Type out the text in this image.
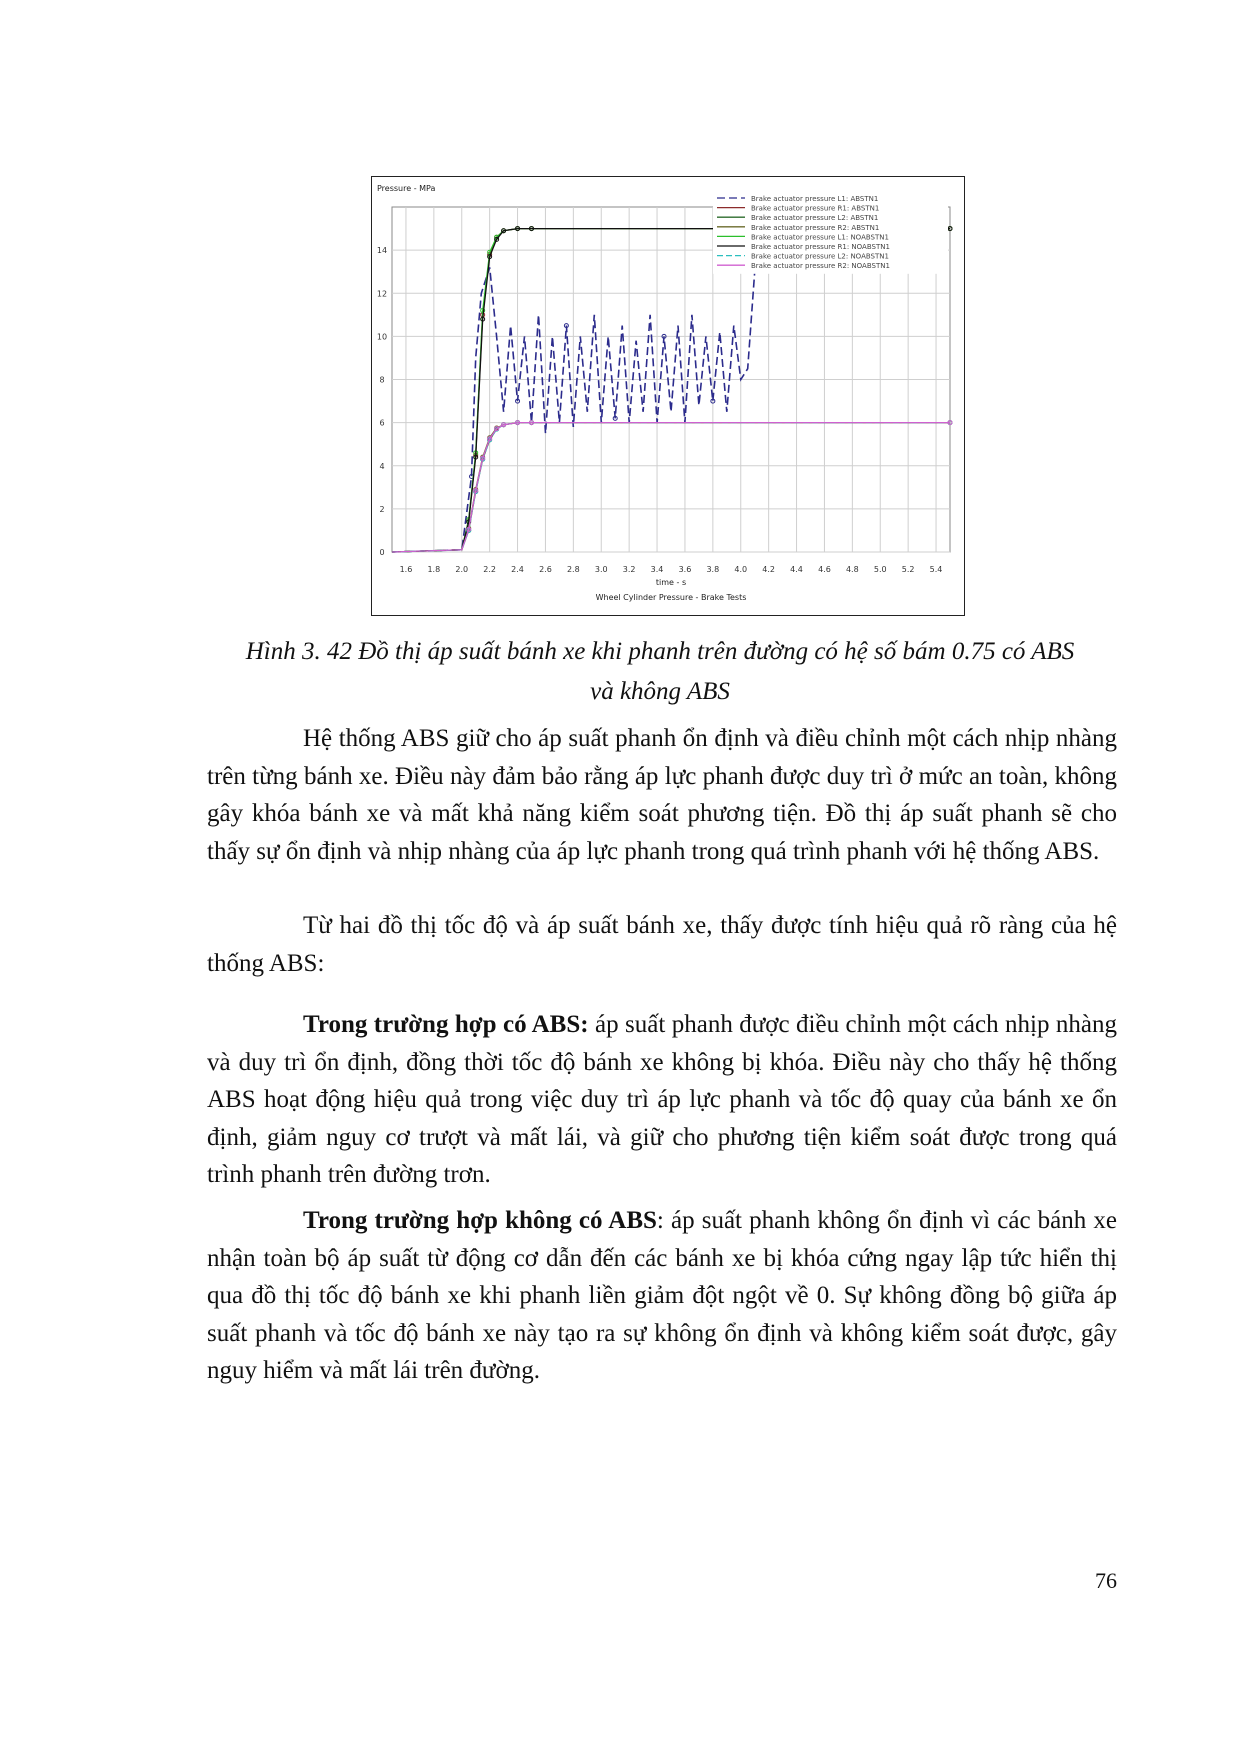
1.6 1.8 2.0 2.2 2.4 2.6 2.8 3.0 3.2 3.4 3.6 3.8 4.0 4.2 4.4 4.6 4.8 5.0 5.2 5.4
0
2
4
6
8
10
12
14
Pressure - MPa
time - s
Wheel Cylinder Pressure - Brake Tests
Brake actuator pressure L1: ABSTN1
Brake actuator pressure R1: ABSTN1
Brake actuator pressure L2: ABSTN1
Brake actuator pressure R2: ABSTN1
Brake actuator pressure L1: NOABSTN1
Brake actuator pressure R1: NOABSTN1
Brake actuator pressure L2: NOABSTN1
Brake actuator pressure R2: NOABSTN1
Hình 3. 42 Đồ thị áp suất bánh xe khi phanh trên đường có hệ số bám 0.75 có ABS
và không ABS

Hệ thống ABS giữ cho áp suất phanh ổn định và điều chỉnh một cách nhịp nhàng trên từng bánh xe. Điều này đảm bảo rằng áp lực phanh được duy trì ở mức an toàn, không gây khóa bánh xe và mất khả năng kiểm soát phương tiện. Đồ thị áp suất phanh sẽ cho thấy sự ổn định và nhịp nhàng của áp lực phanh trong quá trình phanh với hệ thống ABS.

Từ hai đồ thị tốc độ và áp suất bánh xe, thấy được tính hiệu quả rõ ràng của hệ thống ABS:

Trong trường hợp có ABS: áp suất phanh được điều chỉnh một cách nhịp nhàng và duy trì ổn định, đồng thời tốc độ bánh xe không bị khóa. Điều này cho thấy hệ thống ABS hoạt động hiệu quả trong việc duy trì áp lực phanh và tốc độ quay của bánh xe ổn định, giảm nguy cơ trượt và mất lái, và giữ cho phương tiện kiểm soát được trong quá trình phanh trên đường trơn.

Trong trường hợp không có ABS: áp suất phanh không ổn định vì các bánh xe nhận toàn bộ áp suất từ động cơ dẫn đến các bánh xe bị khóa cứng ngay lập tức hiển thị qua đồ thị tốc độ bánh xe khi phanh liền giảm đột ngột về 0. Sự không đồng bộ giữa áp suất phanh và tốc độ bánh xe này tạo ra sự không ổn định và không kiểm soát được, gây nguy hiểm và mất lái trên đường.

76
